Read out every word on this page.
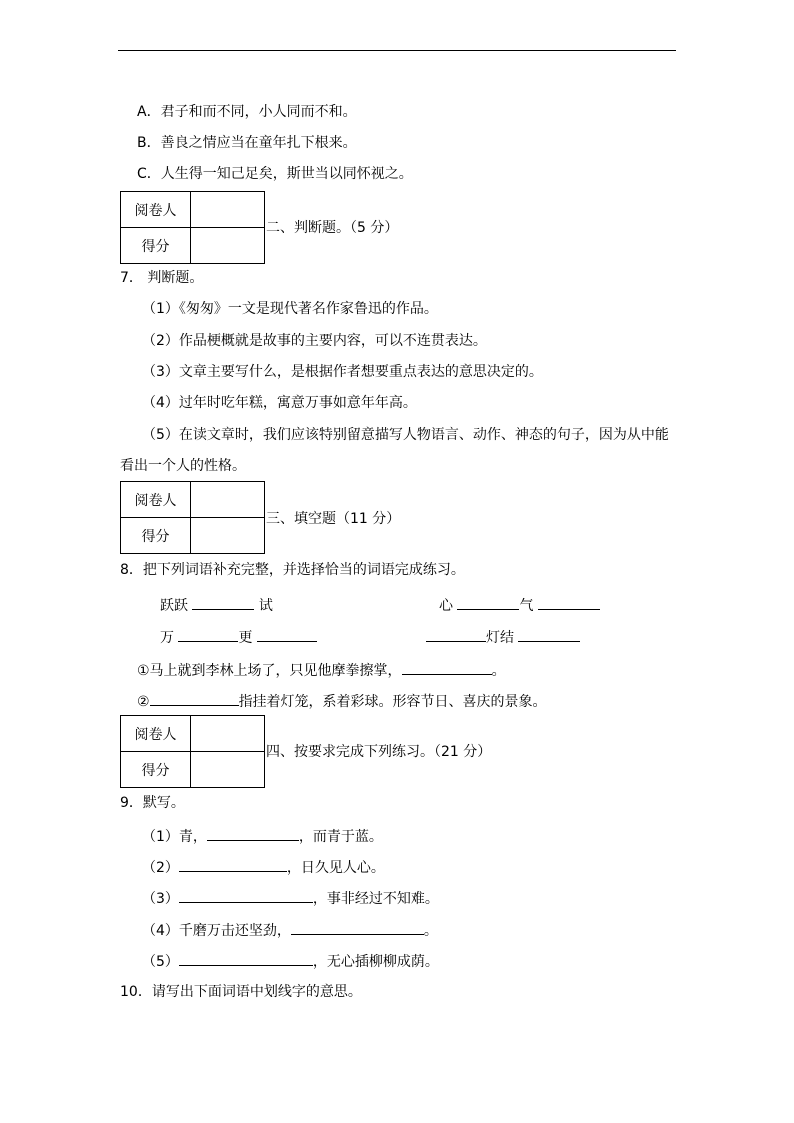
A．君子和而不同，小人同而不和。
B．善良之情应当在童年扎下根来。
C．人生得一知己足矣，斯世当以同怀视之。
阅卷人	
得分	
二、判断题。（5 分）
7． 判断题。
（1）《匆匆》一文是现代著名作家鲁迅的作品。
（2）作品梗概就是故事的主要内容，可以不连贯表达。
（3）文章主要写什么，是根据作者想要重点表达的意思决定的。
（4）过年时吃年糕，寓意万事如意年年高。
（5）在读文章时，我们应该特别留意描写人物语言、动作、神态的句子，因为从中能
看出一个人的性格。
阅卷人	
得分	
三、填空题（11 分）
8．把下列词语补充完整，并选择恰当的词语完成练习。
跃跃	试	心	气
万	更	灯结
①马上就到李林上场了，只见他摩拳擦掌，	。
②	指挂着灯笼，系着彩球。形容节日、喜庆的景象。
阅卷人	
得分	
四、按要求完成下列练习。（21 分）
9．默写。
（1）青，	，而青于蓝。
（2）	，日久见人心。
（3）	，事非经过不知难。
（4）千磨万击还坚劲，	。
（5）	，无心插柳柳成荫。
10．请写出下面词语中划线字的意思。
